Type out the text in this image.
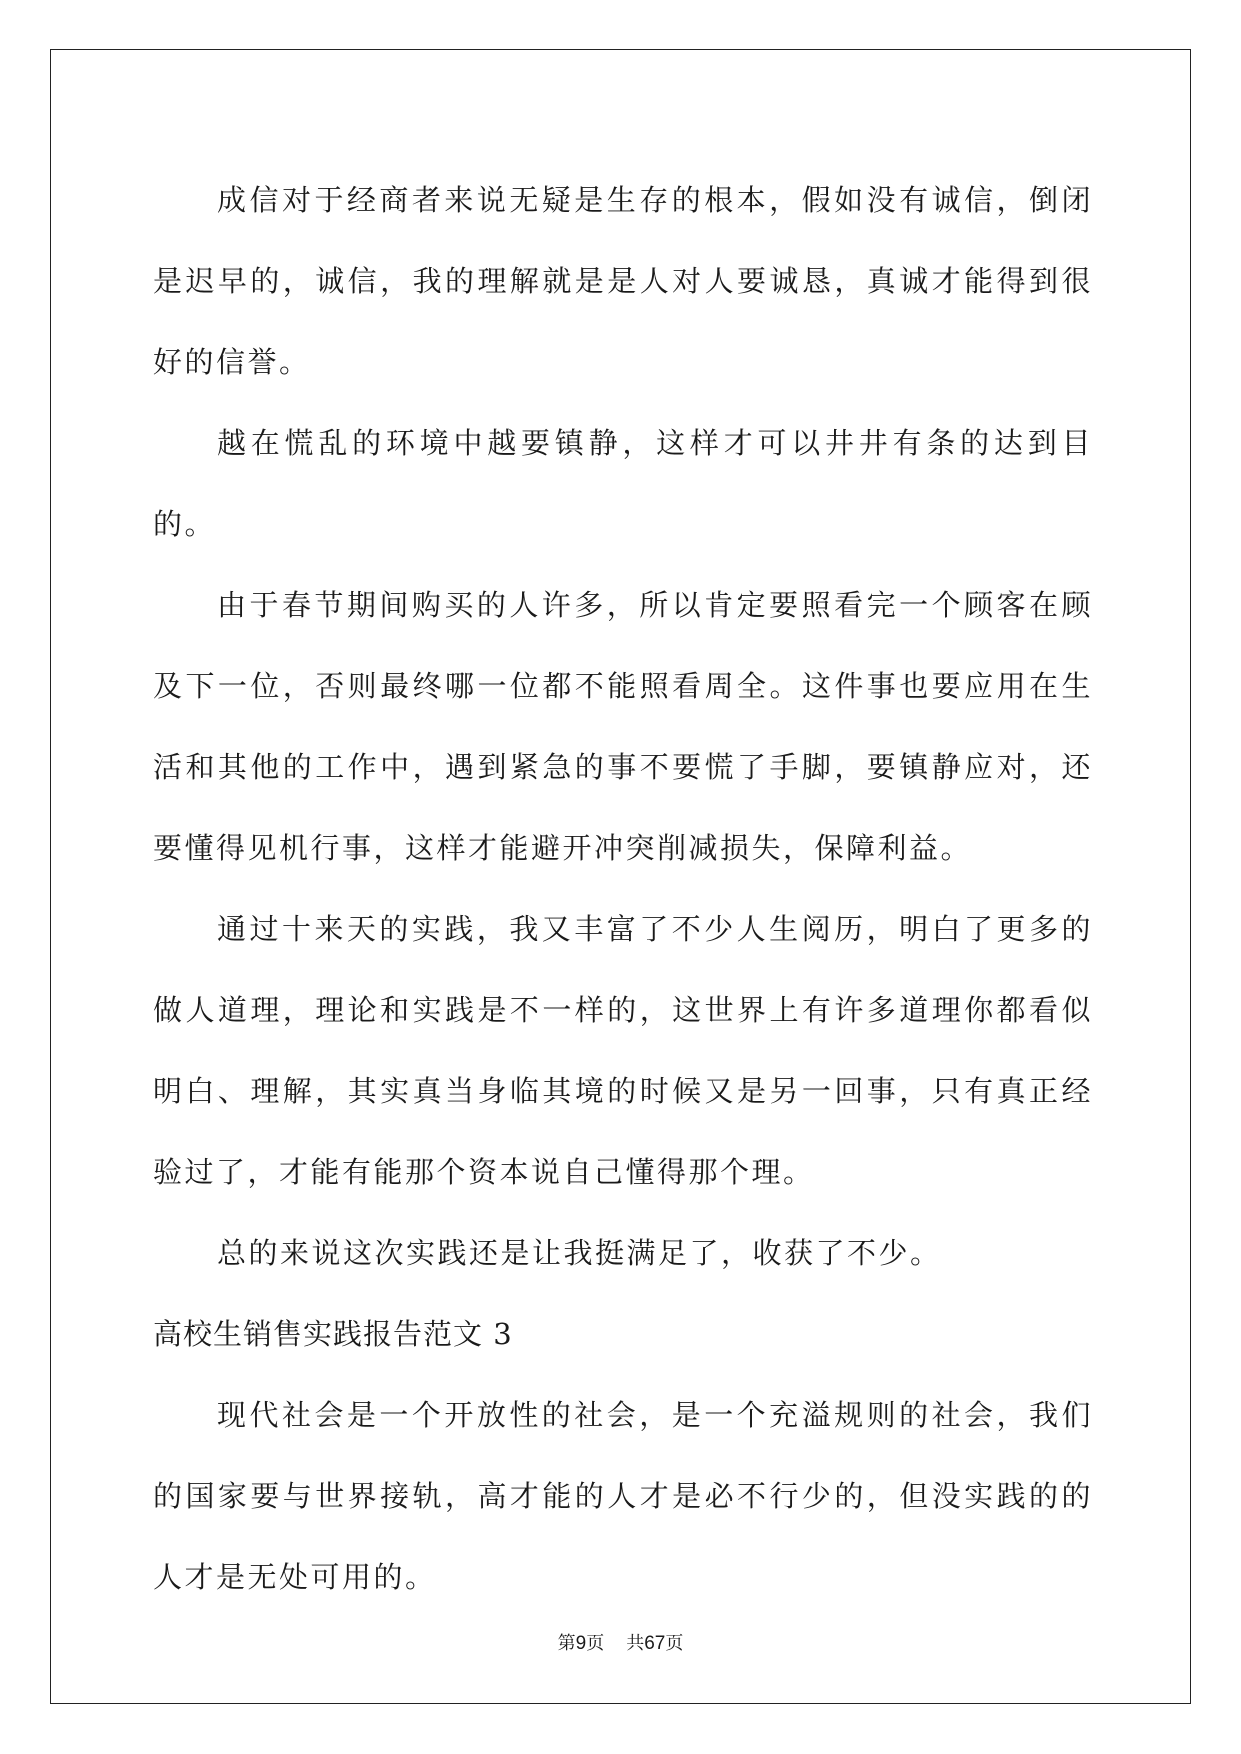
成信对于经商者来说无疑是生存的根本，假如没有诚信，倒闭是迟早的，诚信，我的理解就是是人对人要诚恳，真诚才能得到很好的信誉。

越在慌乱的环境中越要镇静，这样才可以井井有条的达到目的。

由于春节期间购买的人许多，所以肯定要照看完一个顾客在顾及下一位，否则最终哪一位都不能照看周全。这件事也要应用在生活和其他的工作中，遇到紧急的事不要慌了手脚，要镇静应对，还要懂得见机行事，这样才能避开冲突削减损失，保障利益。

通过十来天的实践，我又丰富了不少人生阅历，明白了更多的做人道理，理论和实践是不一样的，这世界上有许多道理你都看似明白、理解，其实真当身临其境的时候又是另一回事，只有真正经验过了，才能有能那个资本说自己懂得那个理。

总的来说这次实践还是让我挺满足了，收获了不少。

高校生销售实践报告范文 3

现代社会是一个开放性的社会，是一个充溢规则的社会，我们的国家要与世界接轨，高才能的人才是必不行少的，但没实践的的人才是无处可用的。

第9页 共67页
